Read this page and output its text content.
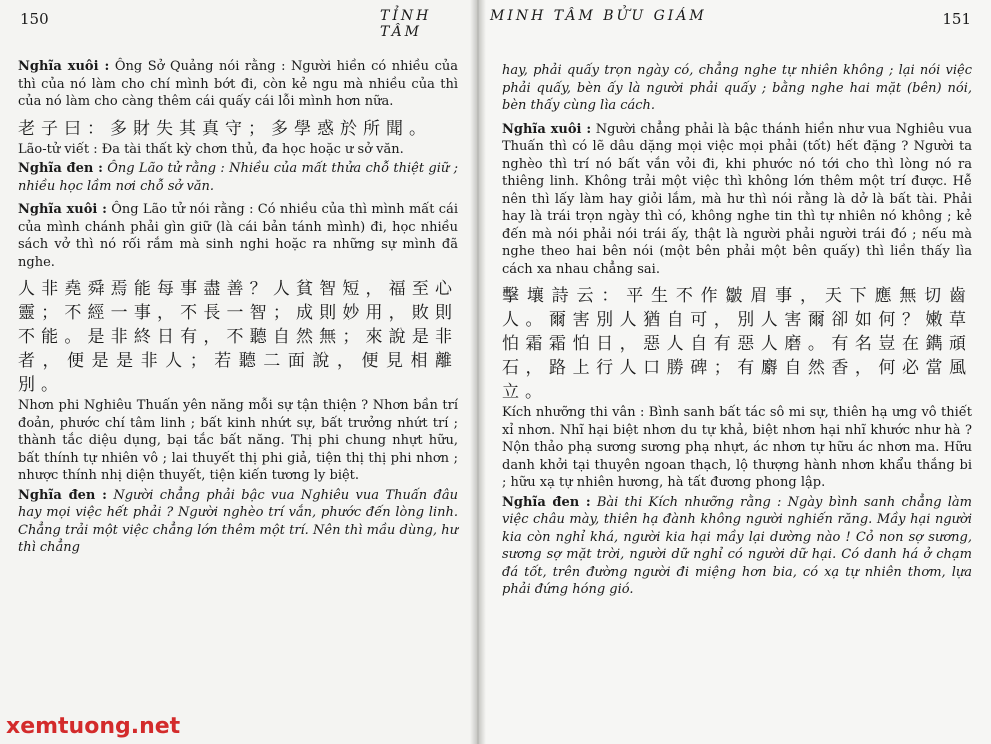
150	TỈNH TÂM

Nghĩa xuôi : Ông Sở Quảng nói rằng : Người hiền có nhiều của thì của nó làm cho chí mình bớt đi, còn kẻ ngu mà nhiều của thì của nó làm cho càng thêm cái quấy cái lỗi mình hơn nữa.

老子曰：多財失其真守；多學惑於所聞。

Lão-tử viết : Đa tài thất kỳ chơn thủ, đa học hoặc ư sở văn.

Nghĩa đen : Ông Lão tử rằng : Nhiều của mất thửa chỗ thiệt giữ ; nhiều học lầm nơi chỗ sở văn.

Nghĩa xuôi : Ông Lão tử nói rằng : Có nhiều của thì mình mất cái của mình chánh phải gìn giữ (là cái bản tánh mình) đi, học nhiều sách vở thì nó rối rắm mà sinh nghi hoặc ra những sự mình đã nghe.

人非堯舜焉能每事盡善？人貧智短，福至心靈；不經一事，不長一智；成則妙用，敗則不能。是非終日有，不聽自然無；來說是非者，便是是非人；若聽二面說，便見相離別。

Nhơn phi Nghiêu Thuấn yên năng mỗi sự tận thiện ? Nhơn bần trí đoản, phước chí tâm linh ; bất kinh nhứt sự, bất trưởng nhứt trí ; thành tắc diệu dụng, bại tắc bất năng. Thị phi chung nhựt hữu, bất thính tự nhiên vô ; lai thuyết thị phi giả, tiện thị thị phi nhơn ; nhược thính nhị diện thuyết, tiện kiến tương ly biệt.

Nghĩa đen : Người chẳng phải bậc vua Nghiêu vua Thuấn đâu hay mọi việc hết phải ? Người nghèo trí vắn, phước đến lòng linh. Chẳng trải một việc chẳng lớn thêm một trí. Nên thì mầu dùng, hư thì chẳng

MINH TÂM BỬU GIÁM	151

hay, phải quấy trọn ngày có, chẳng nghe tự nhiên không ; lại nói việc phải quấy, bèn ấy là người phải quấy ; bằng nghe hai mặt (bên) nói, bèn thấy cùng lìa cách.

Nghĩa xuôi : Người chẳng phải là bậc thánh hiền như vua Nghiêu vua Thuấn thì có lẽ dâu dặng mọi việc mọi phải (tốt) hết đặng ? Người ta nghèo thì trí nó bất vắn vỏi đi, khi phước nó tới cho thì lòng nó ra thiêng linh. Không trải một việc thì không lớn thêm một trí được. Hễ nên thì lấy làm hay giỏi lắm, mà hư thì nói rằng là dở là bất tài. Phải hay là trái trọn ngày thì có, không nghe tin thì tự nhiên nó không ; kẻ đến mà nói phải nói trái ấy, thật là người phải người trái đó ; nếu mà nghe theo hai bên nói (một bên phải một bên quấy) thì liền thấy lìa cách xa nhau chẳng sai.

擊壤詩云：平生不作皺眉事，天下應無切齒人。爾害別人猶自可，別人害爾卻如何？嫩草怕霜霜怕日，惡人自有惡人磨。有名豈在鐫頑石，路上行人口勝碑；有麝自然香，何必當風立。

Kích nhưỡng thi vân : Bình sanh bất tác sô mi sự, thiên hạ ưng vô thiết xỉ nhơn. Nhĩ hại biệt nhơn du tự khả, biệt nhơn hại nhĩ khước như hà ? Nộn thảo phạ sương sương phạ nhựt, ác nhơn tự hữu ác nhơn ma. Hữu danh khởi tại thuyên ngoan thạch, lộ thượng hành nhơn khẩu thắng bi ; hữu xạ tự nhiên hương, hà tất đương phong lập.

Nghĩa đen : Bài thi Kích nhưỡng rằng : Ngày bình sanh chẳng làm việc châu mày, thiên hạ đành không người nghiến răng. Mầy hại người kia còn nghỉ khá, người kia hại mầy lại dường nào ! Cỏ non sợ sương, sương sợ mặt trời, người dữ nghỉ có người dữ hại. Có danh há ở chạm đá tốt, trên đường người đi miệng hơn bia, có xạ tự nhiên thơm, lựa phải đứng hóng gió.

xemtuong.net
